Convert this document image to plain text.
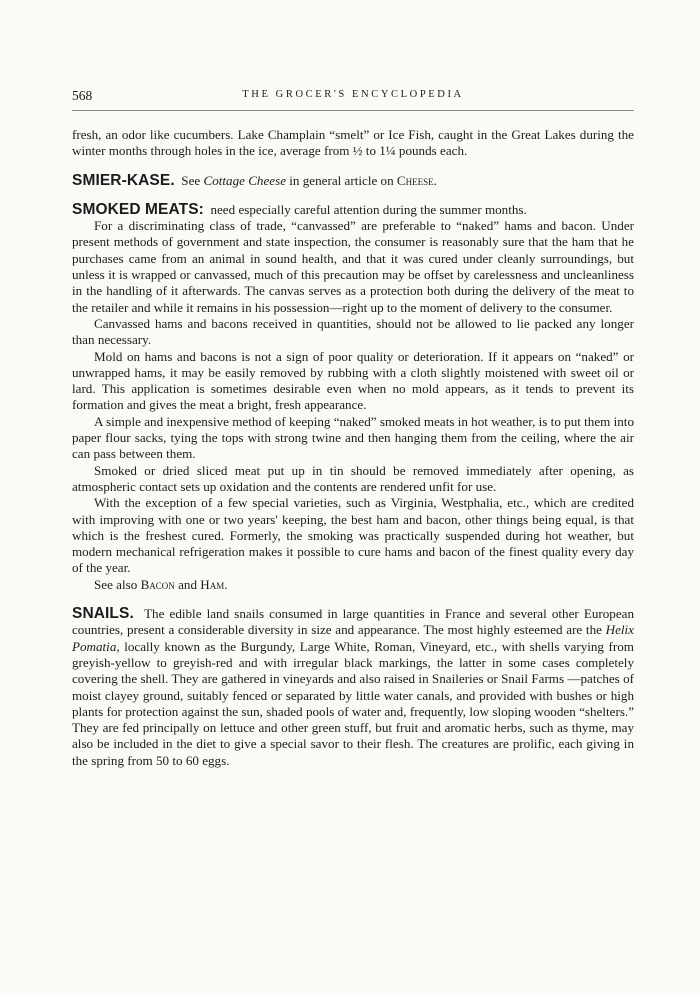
568	THE GROCER'S ENCYCLOPEDIA

fresh, an odor like cucumbers. Lake Champlain “smelt” or Ice Fish, caught in the Great Lakes during the winter months through holes in the ice, average from ½ to 1¼ pounds each.

SMIER-KASE. See Cottage Cheese in general article on Cheese.

SMOKED MEATS: need especially careful attention during the summer months.

For a discriminating class of trade, “canvassed” are preferable to “naked” hams and bacon. Under present methods of government and state inspection, the consumer is reasonably sure that the ham that he purchases came from an animal in sound health, and that it was cured under cleanly surroundings, but unless it is wrapped or canvassed, much of this precaution may be offset by carelessness and uncleanliness in the handling of it afterwards. The canvas serves as a protection both during the delivery of the meat to the retailer and while it remains in his possession—right up to the moment of delivery to the consumer.

Canvassed hams and bacons received in quantities, should not be allowed to lie packed any longer than necessary.

Mold on hams and bacons is not a sign of poor quality or deterioration. If it appears on “naked” or unwrapped hams, it may be easily removed by rubbing with a cloth slightly moistened with sweet oil or lard. This application is sometimes desirable even when no mold appears, as it tends to prevent its formation and gives the meat a bright, fresh appearance.

A simple and inexpensive method of keeping “naked” smoked meats in hot weather, is to put them into paper flour sacks, tying the tops with strong twine and then hanging them from the ceiling, where the air can pass between them.

Smoked or dried sliced meat put up in tin should be removed immediately after opening, as atmospheric contact sets up oxidation and the contents are rendered unfit for use.

With the exception of a few special varieties, such as Virginia, Westphalia, etc., which are credited with improving with one or two years' keeping, the best ham and bacon, other things being equal, is that which is the freshest cured. Formerly, the smoking was practically suspended during hot weather, but modern mechanical refrigeration makes it possible to cure hams and bacon of the finest quality every day of the year.

See also Bacon and Ham.

SNAILS. The edible land snails consumed in large quantities in France and several other European countries, present a considerable diversity in size and appearance. The most highly esteemed are the Helix Pomatia, locally known as the Burgundy, Large White, Roman, Vineyard, etc., with shells varying from greyish-yellow to greyish-red and with irregular black markings, the latter in some cases completely covering the shell. They are gathered in vineyards and also raised in Snaileries or Snail Farms —patches of moist clayey ground, suitably fenced or separated by little water canals, and provided with bushes or high plants for protection against the sun, shaded pools of water and, frequently, low sloping wooden “shelters.” They are fed principally on lettuce and other green stuff, but fruit and aromatic herbs, such as thyme, may also be included in the diet to give a special savor to their flesh. The creatures are prolific, each giving in the spring from 50 to 60 eggs.
